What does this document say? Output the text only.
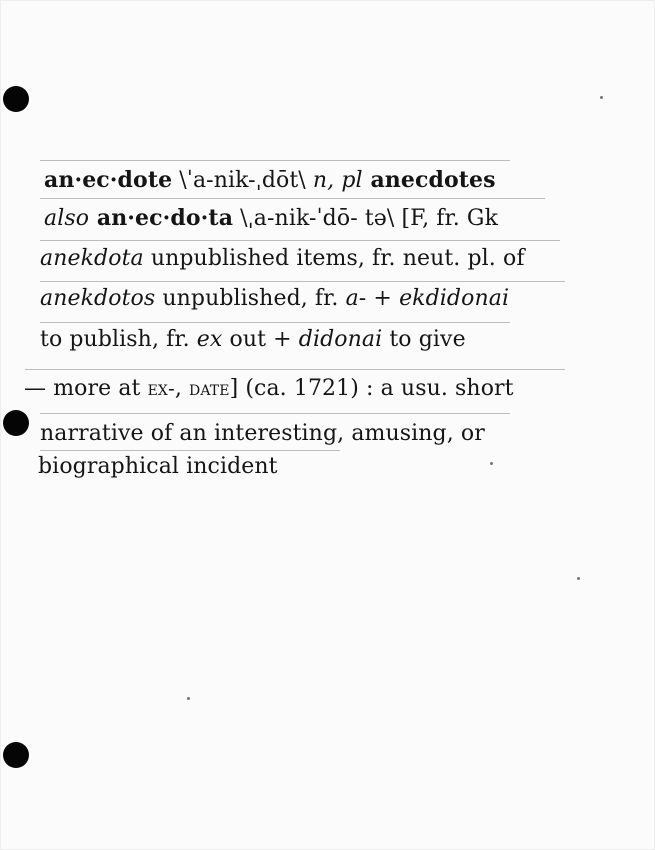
an·ec·dote \ˈa-nik-ˌdōt\ n, pl anecdotes
also an·ec·do·ta \ˌa-nik-ˈdō- tə\ [F, fr. Gk
anekdota unpublished items, fr. neut. pl. of
anekdotos unpublished, fr. a- + ekdidonai
to publish, fr. ex out + didonai to give
— more at ex-, date] (ca. 1721) : a usu. short
narrative of an interesting, amusing, or
biographical incident
